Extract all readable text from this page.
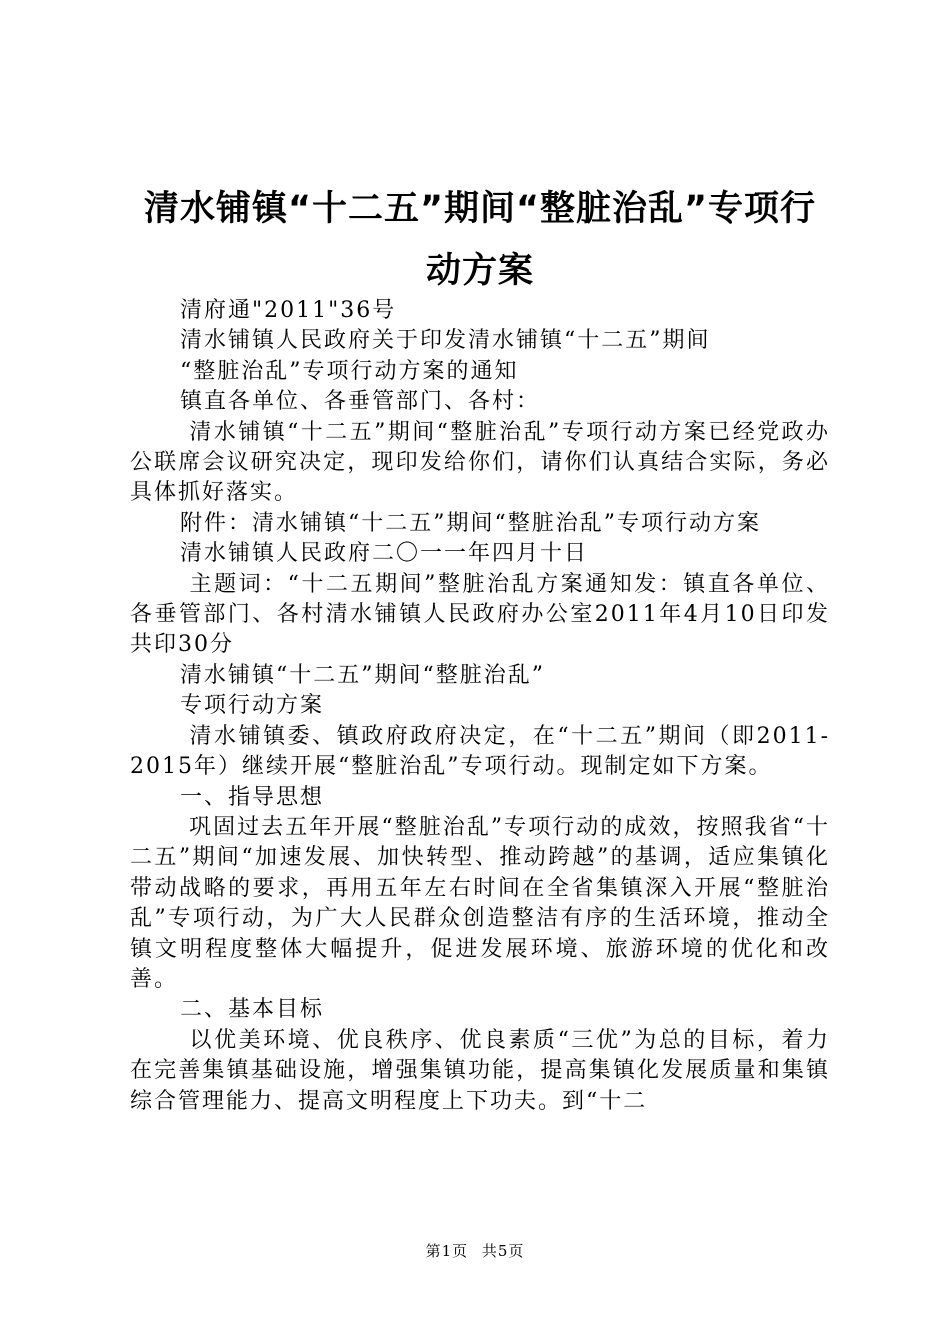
清水铺镇“十二五”期间“整脏治乱”专项行
动方案

清府通"2011"36号

清水铺镇人民政府关于印发清水铺镇“十二五”期间

“整脏治乱”专项行动方案的通知

镇直各单位、各垂管部门、各村：

清水铺镇“十二五”期间“整脏治乱”专项行动方案已经党政办公联席会议研究决定，现印发给你们，请你们认真结合实际，务必具体抓好落实。

附件：清水铺镇“十二五”期间“整脏治乱”专项行动方案

清水铺镇人民政府二〇一一年四月十日

主题词：“十二五期间”整脏治乱方案通知发：镇直各单位、各垂管部门、各村清水铺镇人民政府办公室2011年4月10日印发共印30分

清水铺镇“十二五”期间“整脏治乱”

专项行动方案

清水铺镇委、镇政府政府决定，在“十二五”期间（即2011-2015年）继续开展“整脏治乱”专项行动。现制定如下方案。

一、指导思想

巩固过去五年开展“整脏治乱”专项行动的成效，按照我省“十二五”期间“加速发展、加快转型、推动跨越”的基调，适应集镇化带动战略的要求，再用五年左右时间在全省集镇深入开展“整脏治乱”专项行动，为广大人民群众创造整洁有序的生活环境，推动全镇文明程度整体大幅提升，促进发展环境、旅游环境的优化和改善。

二、基本目标

以优美环境、优良秩序、优良素质“三优”为总的目标，着力在完善集镇基础设施，增强集镇功能，提高集镇化发展质量和集镇综合管理能力、提高文明程度上下功夫。到“十二

第1页 共5页
